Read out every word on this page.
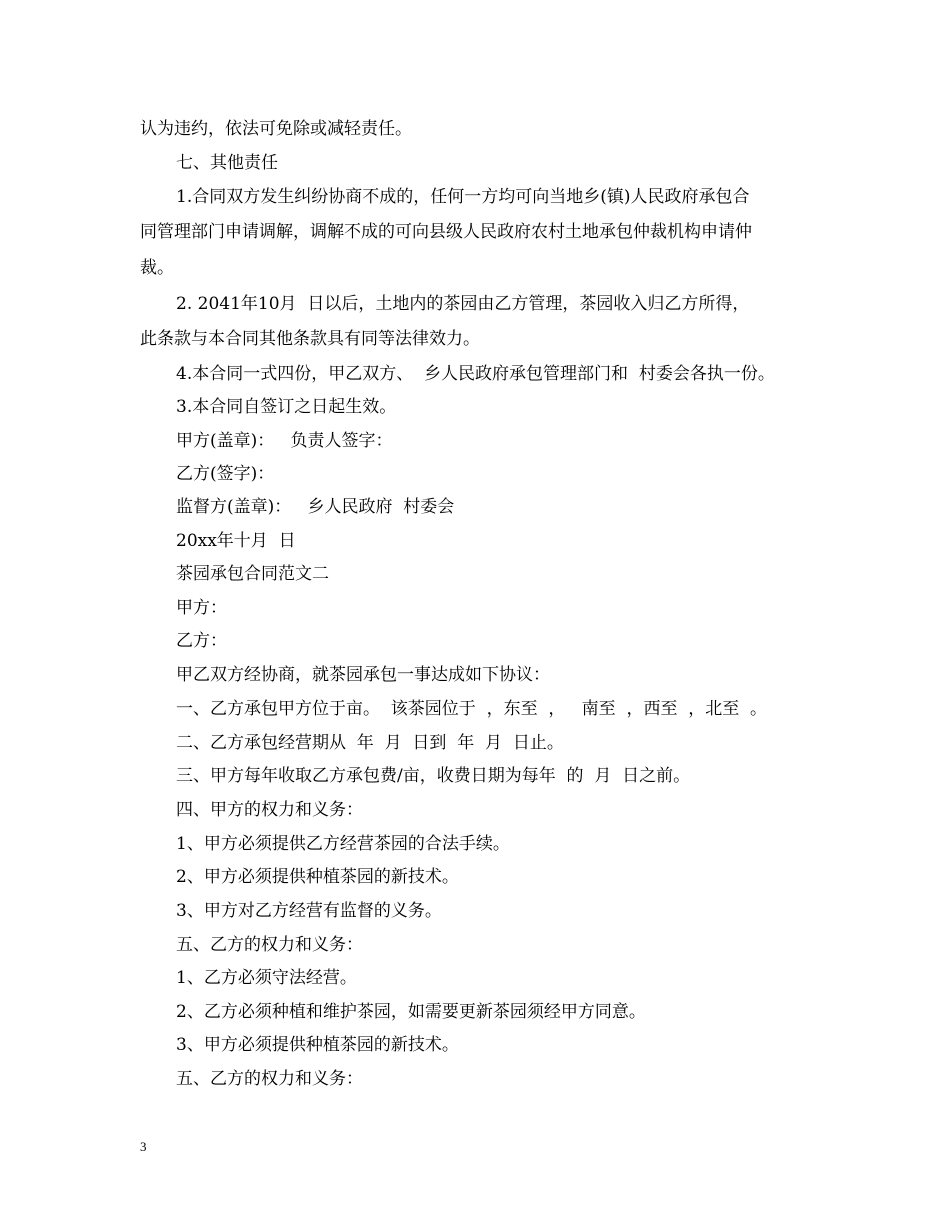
认为违约，依法可免除或减轻责任。
七、其他责任
1.合同双方发生纠纷协商不成的，任何一方均可向当地乡(镇)人民政府承包合
同管理部门申请调解，调解不成的可向县级人民政府农村土地承包仲裁机构申请仲
裁。
2. 2041年10月  日以后，土地内的茶园由乙方管理，茶园收入归乙方所得，
此条款与本合同其他条款具有同等法律效力。
4.本合同一式四份，甲乙双方、  乡人民政府承包管理部门和  村委会各执一份。
3.本合同自签订之日起生效。
甲方(盖章)：   负责人签字：
乙方(签字)：
监督方(盖章)：   乡人民政府  村委会
20xx年十月  日
茶园承包合同范文二
甲方：
乙方：
甲乙双方经协商，就茶园承包一事达成如下协议：
一、乙方承包甲方位于亩。  该茶园位于  ，东至  ，   南至  ，西至  ，北至  。
二、乙方承包经营期从  年  月  日到  年  月  日止。
三、甲方每年收取乙方承包费/亩，收费日期为每年  的  月  日之前。
四、甲方的权力和义务：
1、甲方必须提供乙方经营茶园的合法手续。
2、甲方必须提供种植茶园的新技术。
3、甲方对乙方经营有监督的义务。
五、乙方的权力和义务：
1、乙方必须守法经营。
2、乙方必须种植和维护茶园，如需要更新茶园须经甲方同意。
3、甲方必须提供种植茶园的新技术。
五、乙方的权力和义务：
3
